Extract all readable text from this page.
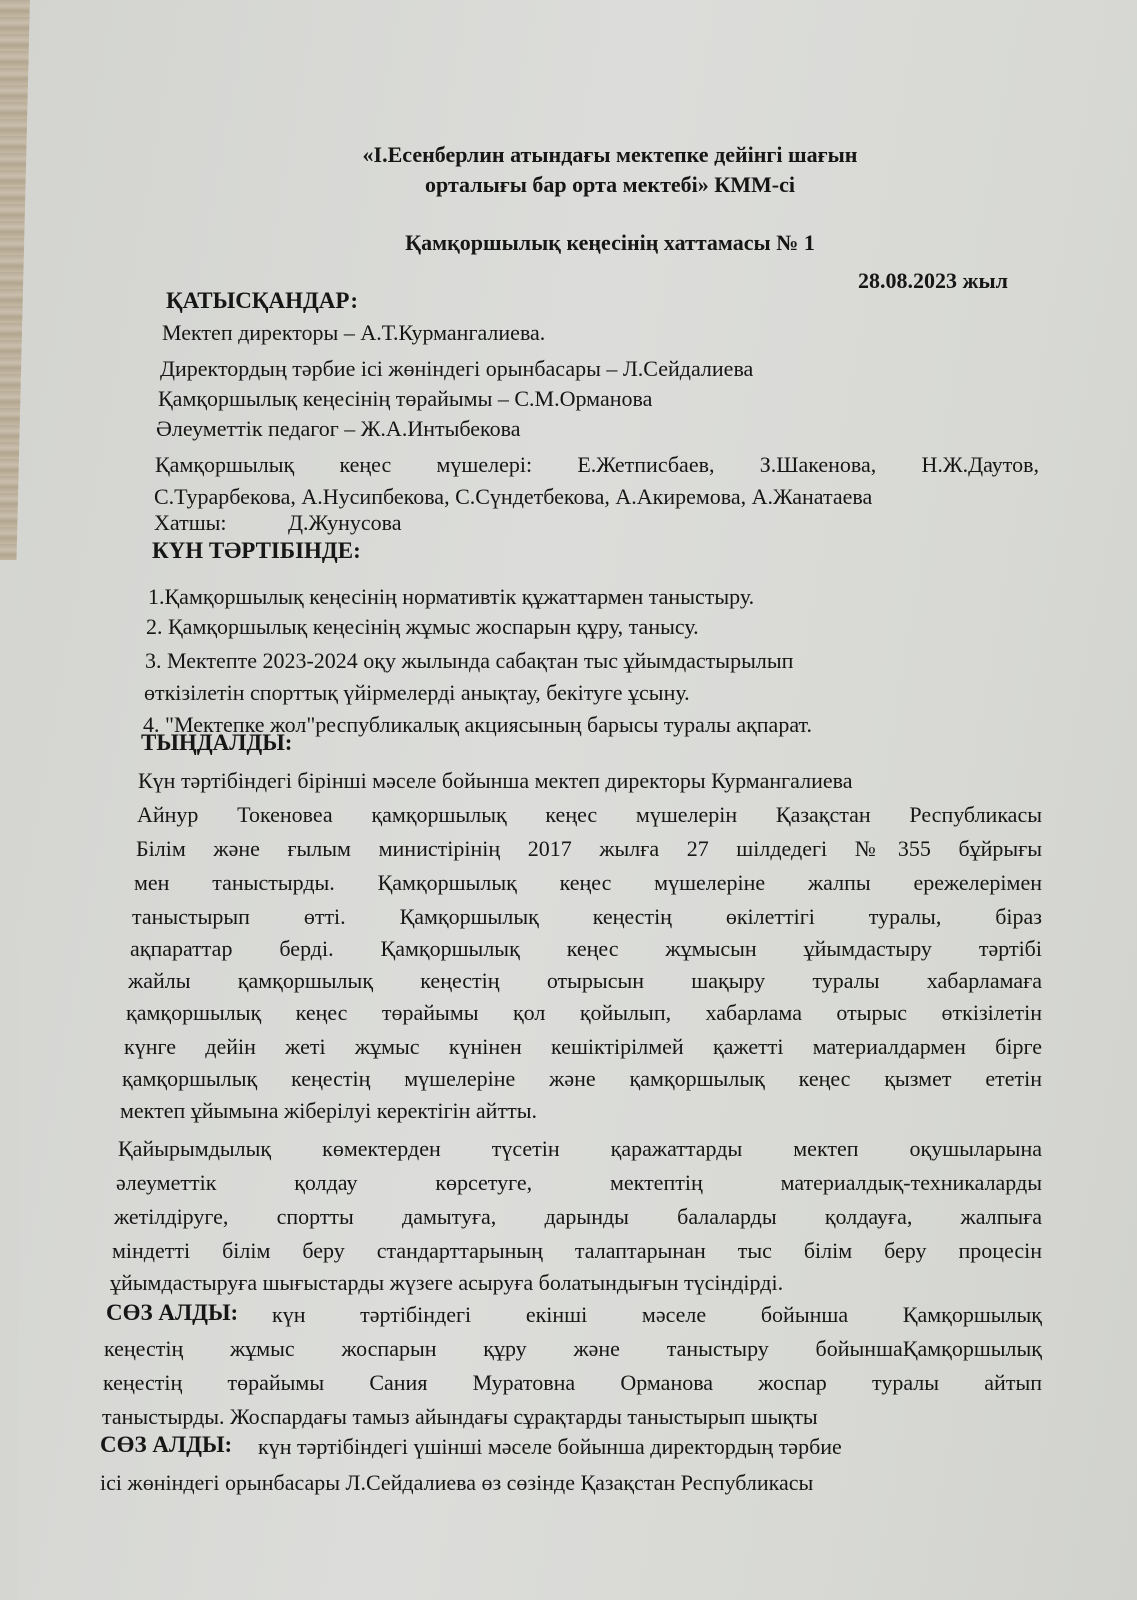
«І.Есенберлин атындағы мектепке дейінгі шағын
орталығы бар орта мектебі» КММ-сі
Қамқоршылық кеңесінің хаттамасы № 1
28.08.2023 жыл
ҚАТЫСҚАНДАР:
Мектеп директоры – А.Т.Курмангалиева.
Директордың тәрбие ісі жөніндегі орынбасары – Л.Сейдалиева
Қамқоршылық кеңесінің төрайымы – С.М.Орманова
Әлеуметтік педагог – Ж.А.Интыбекова
Қамқоршылық кеңес мүшелері: Е.Жетписбаев, З.Шакенова, Н.Ж.Даутов,
С.Турарбекова, А.Нусипбекова, С.Сүндетбекова, А.Акиремова, А.Жанатаева
Хатшы:	Д.Жунусова
КҮН ТӘРТІБІНДЕ:
1.Қамқоршылық кеңесінің нормативтік құжаттармен таныстыру.
2. Қамқоршылық кеңесінің жұмыс жоспарын құру, танысу.
3. Мектепте 2023-2024 оқу жылында сабақтан тыс ұйымдастырылып
өткізілетін спорттық үйірмелерді анықтау, бекітуге ұсыну.
4. "Мектепке жол"республикалық акциясының барысы туралы ақпарат.
ТЫҢДАЛДЫ:
Күн тәртібіндегі бірінші мәселе бойынша мектеп директоры Курмангалиева
Айнур Токеновеа қамқоршылық кеңес мүшелерін Қазақстан Республикасы
Білім және ғылым министірінің 2017 жылға 27 шілдедегі №355 бұйрығы
мен таныстырды. Қамқоршылық кеңес мүшелеріне жалпы ережелерімен
таныстырып өтті. Қамқоршылық кеңестің өкілеттігі туралы, біраз
ақпараттар берді. Қамқоршылық кеңес жұмысын ұйымдастыру тәртібі
жайлы қамқоршылық кеңестің отырысын шақыру туралы хабарламаға
қамқоршылық кеңес төрайымы қол қойылып, хабарлама отырыс өткізілетін
күнге дейін жеті жұмыс күнінен кешіктірілмей қажетті материалдармен бірге
қамқоршылық кеңестің мүшелеріне және қамқоршылық кеңес қызмет ететін
мектеп ұйымына жіберілуі керектігін айтты.
Қайырымдылық көмектерден түсетін қаражаттарды мектеп оқушыларына
әлеуметтік қолдау көрсетуге, мектептің материалдық-техникаларды
жетілдіруге, спортты дамытуға, дарынды балаларды қолдауға, жалпыға
міндетті білім беру стандарттарының талаптарынан тыс білім беру процесін
ұйымдастыруға шығыстарды жүзеге асыруға болатындығын түсіндірді.
СӨЗ АЛДЫ: күн тәртібіндегі екінші мәселе бойынша Қамқоршылық
кеңестің жұмыс жоспарын құру және таныстыру бойыншаҚамқоршылық
кеңестің төрайымы Сания Муратовна Орманова жоспар туралы айтып
таныстырды. Жоспардағы тамыз айындағы сұрақтарды таныстырып шықты
СӨЗ АЛДЫ: күн тәртібіндегі үшінші мәселе бойынша директордың тәрбие
ісі жөніндегі орынбасары Л.Сейдалиева өз сөзінде Қазақстан Республикасы
